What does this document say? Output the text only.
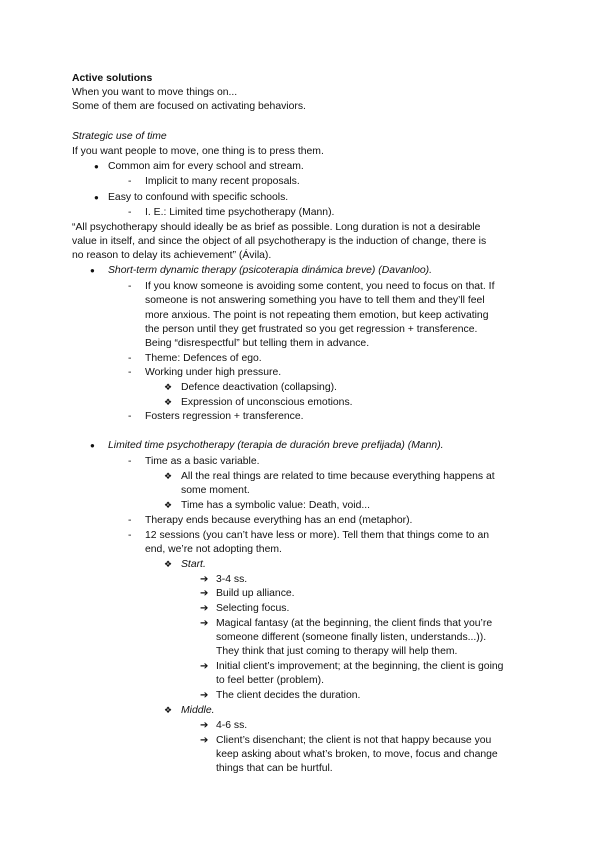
Active solutions
When you want to move things on...
Some of them are focused on activating behaviors.
Strategic use of time
If you want people to move, one thing is to press them.
● Common aim for every school and stream.
- Implicit to many recent proposals.
● Easy to confound with specific schools.
- I. E.: Limited time psychotherapy (Mann).
“All psychotherapy should ideally be as brief as possible. Long duration is not a desirable
value in itself, and since the object of all psychotherapy is the induction of change, there is
no reason to delay its achievement” (Ávila).
● Short-term dynamic therapy (psicoterapia dinámica breve) (Davanloo).
- If you know someone is avoiding some content, you need to focus on that. If
someone is not answering something you have to tell them and they’ll feel
more anxious. The point is not repeating them emotion, but keep activating
the person until they get frustrated so you get regression + transference.
Being “disrespectful” but telling them in advance.
- Theme: Defences of ego.
- Working under high pressure.
❖ Defence deactivation (collapsing).
❖ Expression of unconscious emotions.
- Fosters regression + transference.
● Limited time psychotherapy (terapia de duración breve prefijada) (Mann).
- Time as a basic variable.
❖ All the real things are related to time because everything happens at
some moment.
❖ Time has a symbolic value: Death, void...
- Therapy ends because everything has an end (metaphor).
- 12 sessions (you can’t have less or more). Tell them that things come to an
end, we’re not adopting them.
❖ Start.
➔ 3-4 ss.
➔ Build up alliance.
➔ Selecting focus.
➔ Magical fantasy (at the beginning, the client finds that you’re
someone different (someone finally listen, understands...)).
They think that just coming to therapy will help them.
➔ Initial client’s improvement; at the beginning, the client is going
to feel better (problem).
➔ The client decides the duration.
❖ Middle.
➔ 4-6 ss.
➔ Client’s disenchant; the client is not that happy because you
keep asking about what’s broken, to move, focus and change
things that can be hurtful.
